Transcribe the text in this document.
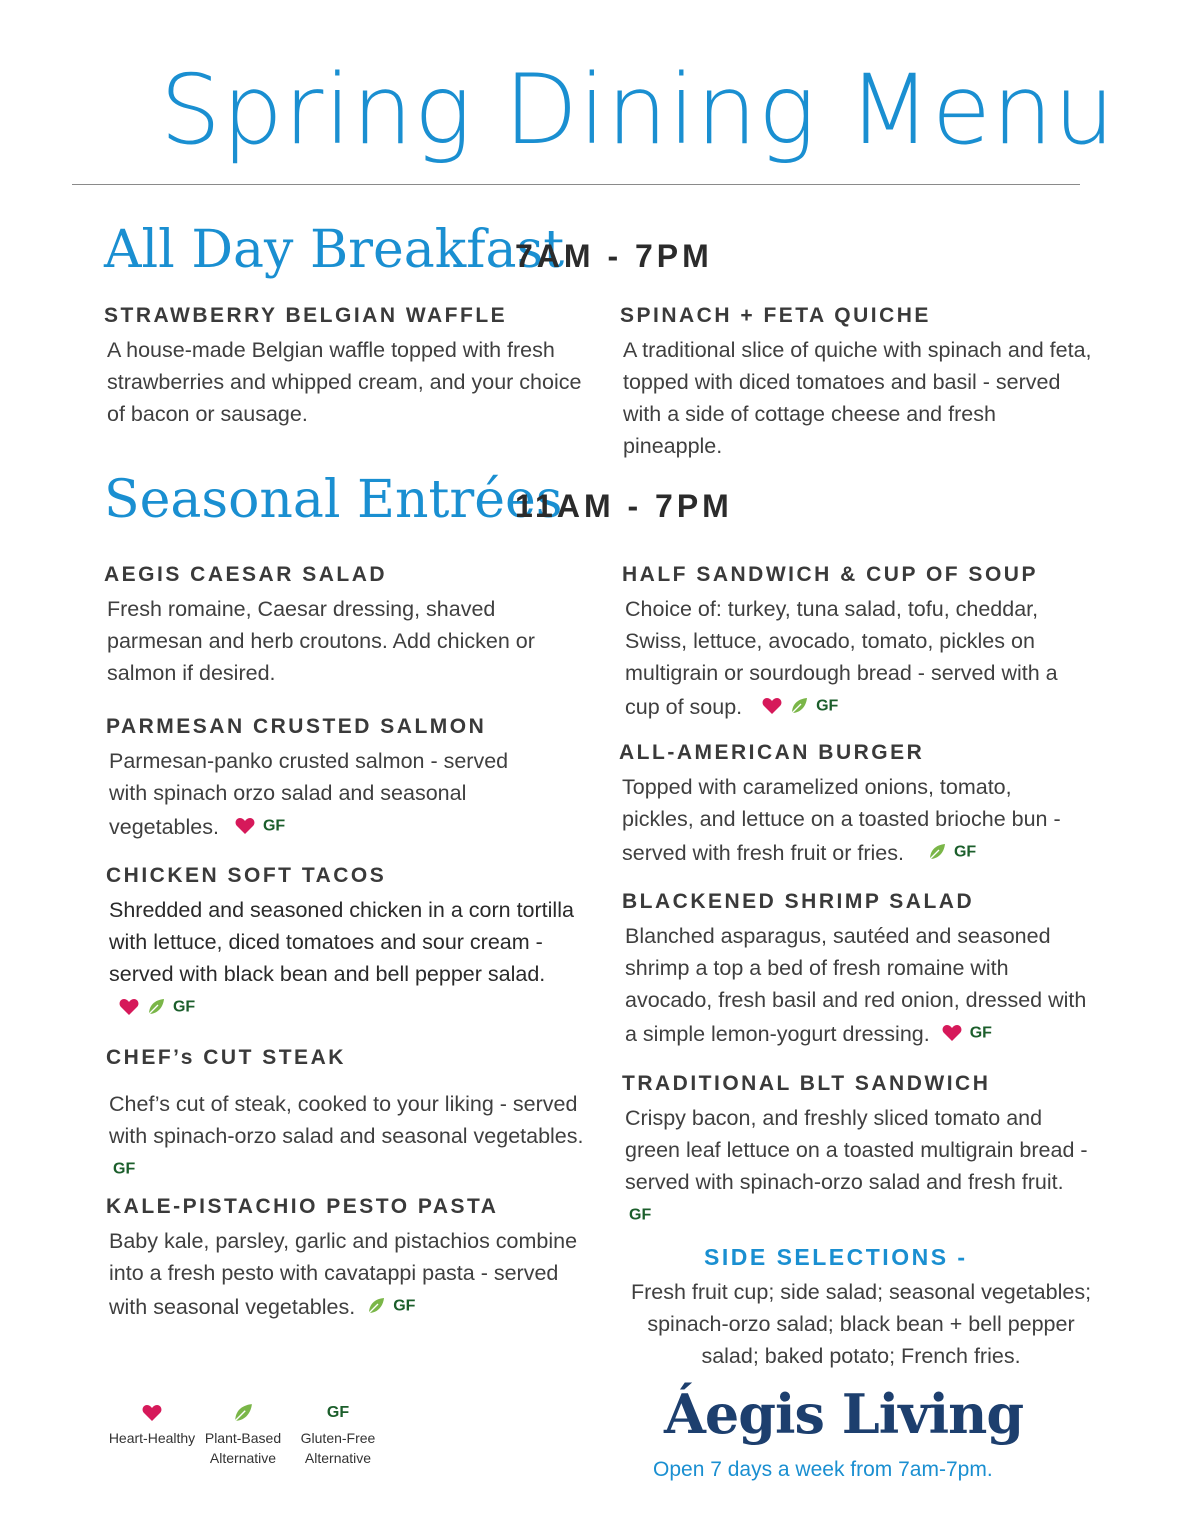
Spring Dining Menu
All Day Breakfast
7AM - 7PM
STRAWBERRY BELGIAN WAFFLE
A house-made Belgian waffle topped with fresh strawberries and whipped cream, and your choice of bacon or sausage.
SPINACH + FETA QUICHE
A traditional slice of quiche with spinach and feta, topped with diced tomatoes and basil - served with a side of cottage cheese and fresh pineapple.
Seasonal Entrées
11AM - 7PM
AEGIS CAESAR SALAD
Fresh romaine, Caesar dressing, shaved parmesan and herb croutons. Add chicken or salmon if desired.
PARMESAN CRUSTED SALMON
Parmesan-panko crusted salmon - served with spinach orzo salad and seasonal vegetables.	GF
CHICKEN SOFT TACOS
Shredded and seasoned chicken in a corn tortilla with lettuce, diced tomatoes and sour cream - served with black bean and bell pepper salad.   GF
CHEF’s CUT STEAK
Chef’s cut of steak, cooked to your liking - served with spinach-orzo salad and seasonal vegetables. GF
KALE-PISTACHIO PESTO PASTA
Baby kale, parsley, garlic and pistachios combine into a fresh pesto with cavatappi pasta - served with seasonal vegetables. GF
HALF SANDWICH & CUP OF SOUP
Choice of: turkey, tuna salad, tofu, cheddar, Swiss, lettuce, avocado, tomato, pickles on multigrain or sourdough bread - served with a cup of soup.	GF
ALL-AMERICAN BURGER
Topped with caramelized onions, tomato, pickles, and lettuce on a toasted brioche bun - served with fresh fruit or fries.	GF
BLACKENED SHRIMP SALAD
Blanched asparagus, sautéed and seasoned shrimp a top a bed of fresh romaine with avocado, fresh basil and red onion, dressed with a simple lemon-yogurt dressing. GF
TRADITIONAL BLT SANDWICH
Crispy bacon, and freshly sliced tomato and green leaf lettuce on a toasted multigrain bread - served with spinach-orzo salad and fresh fruit. GF
SIDE SELECTIONS -
Fresh fruit cup; side salad; seasonal vegetables; spinach-orzo salad; black bean + bell pepper salad; baked potato; French fries.
Heart-Healthy Plant-Based
Alternative
GF
Gluten-Free
Alternative
Áegis Living
Open 7 days a week from 7am-7pm.
